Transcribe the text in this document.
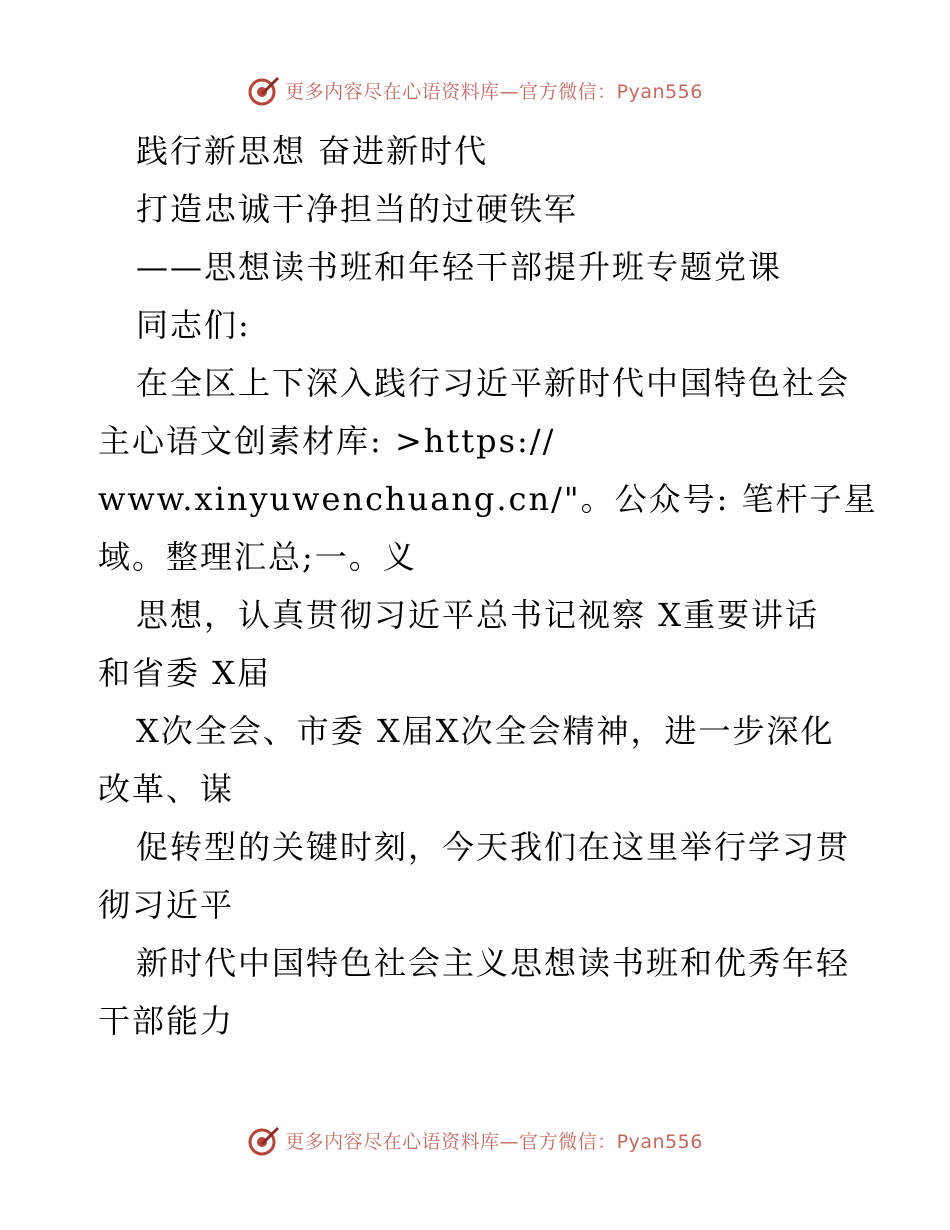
更多内容尽在心语资料库—官方微信：Pyan556
践行新思想 奋进新时代
打造忠诚干净担当的过硬铁军
——思想读书班和年轻干部提升班专题党课
同志们:
在全区上下深入践行习近平新时代中国特色社会
主心语文创素材库: >https://
www.xinyuwenchuang.cn/"。公众号: 笔杆子星
域。整理汇总;一。义
思想，认真贯彻习近平总书记视察 X重要讲话
和省委 X届
X次全会、市委 X届X次全会精神，进一步深化
改革、谋
促转型的关键时刻，今天我们在这里举行学习贯
彻习近平
新时代中国特色社会主义思想读书班和优秀年轻
干部能力
更多内容尽在心语资料库—官方微信：Pyan556
